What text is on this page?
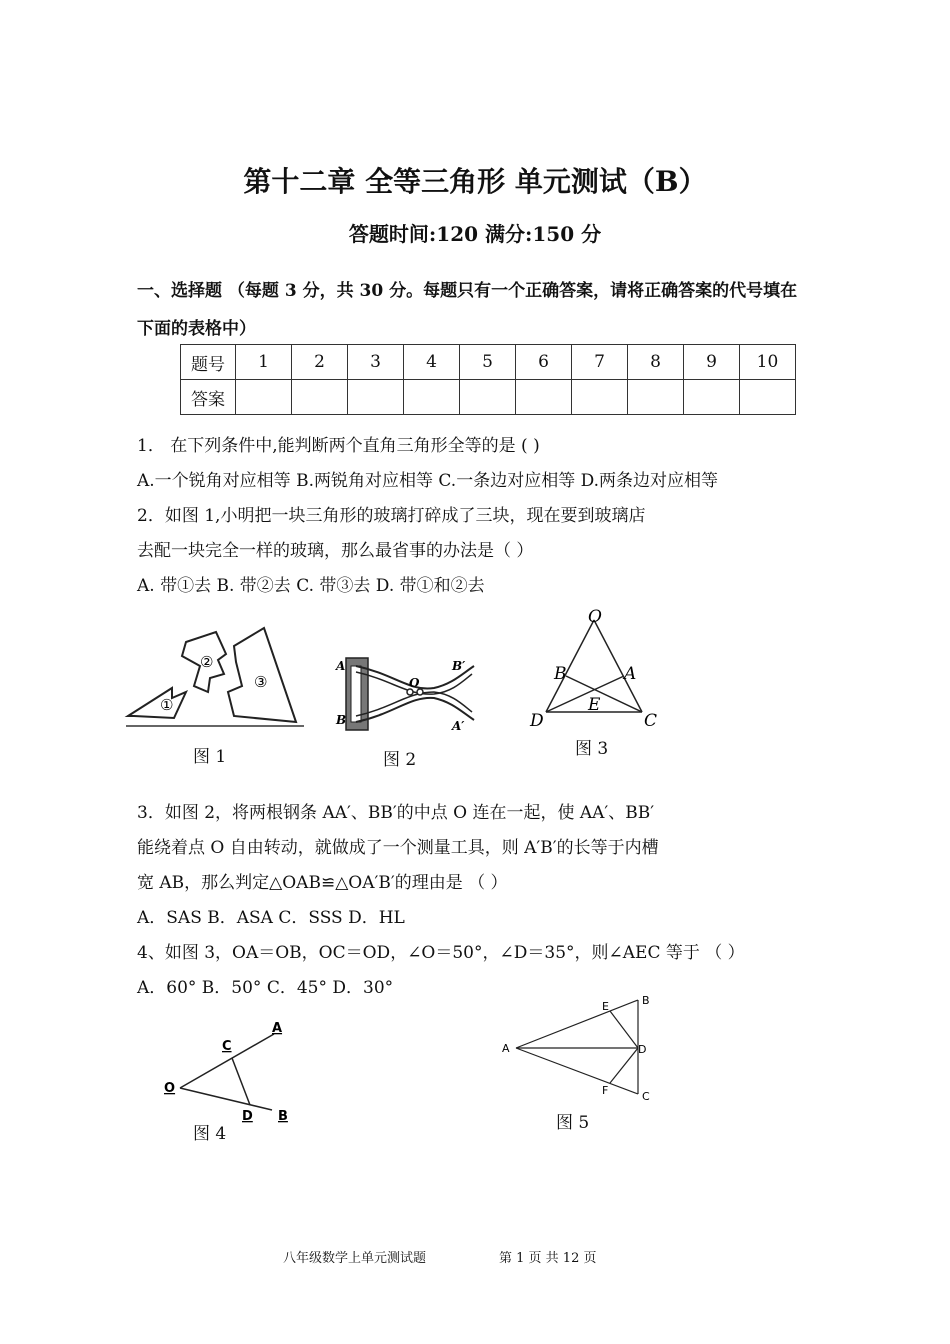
第十二章 全等三角形 单元测试（B）
答题时间:120 满分:150 分
一、选择题 （每题 3 分，共 30 分。每题只有一个正确答案，请将正确答案的代号填在
下面的表格中）
题号	1	2	3	4	5	6	7	8	9	10
答案										
1． 在下列条件中,能判断两个直角三角形全等的是 ( )
A.一个锐角对应相等 B.两锐角对应相等 C.一条边对应相等 D.两条边对应相等
2．如图 1,小明把一块三角形的玻璃打碎成了三块，现在要到玻璃店
去配一块完全一样的玻璃，那么最省事的办法是（ ）
A. 带①去 B. 带②去 C. 带③去 D. 带①和②去
①
②
③
图 1
A
B
O
B′
A′
图 2
O
B	A
E
D	C
图 3
3．如图 2，将两根钢条 AA′、BB′的中点 O 连在一起，使 AA′、BB′
能绕着点 O 自由转动，就做成了一个测量工具，则 A′B′的长等于内槽
宽 AB，那么判定△OAB≌△OA′B′的理由是 （ ）
A．SAS B．ASA C．SSS D．HL
4、如图 3，OA＝OB，OC＝OD，∠O＝50°，∠D＝35°，则∠AEC 等于 （ ）
A．60° B．50° C．45° D．30°
O
C
A
D B
图 4
A
E	B
D
F	C
图 5
八年级数学上单元测试题	第 1 页 共 12 页
